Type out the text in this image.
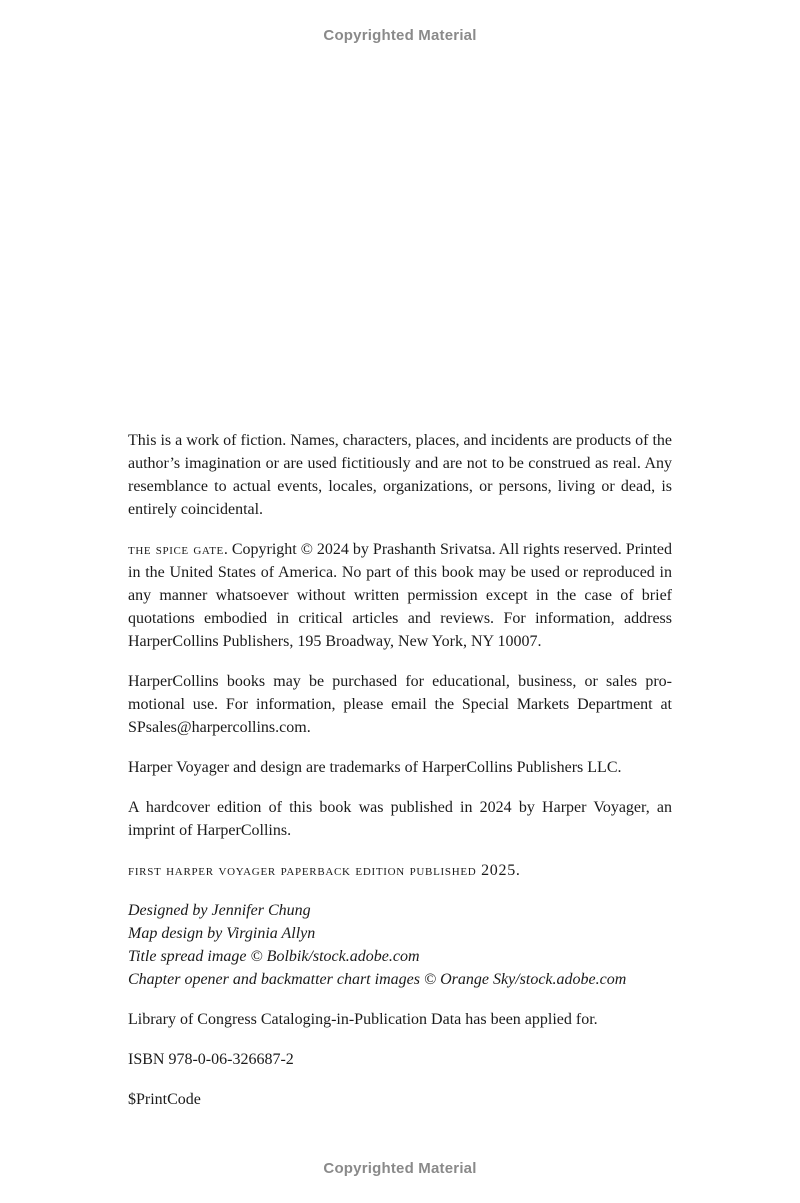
Copyrighted Material

This is a work of fiction. Names, characters, places, and incidents are products of the author’s imagination or are used fictitiously and are not to be construed as real. Any resemblance to actual events, locales, organizations, or persons, living or dead, is entirely coincidental.

the spice gate. Copyright © 2024 by Prashanth Srivatsa. All rights reserved. Printed in the United States of America. No part of this book may be used or reproduced in any manner whatsoever without written permission except in the case of brief quotations embodied in critical articles and reviews. For information, address HarperCollins Publishers, 195 Broadway, New York, NY 10007.

HarperCollins books may be purchased for educational, business, or sales promotional use. For information, please email the Special Markets Department at SPsales@harpercollins.com.

Harper Voyager and design are trademarks of HarperCollins Publishers LLC.

A hardcover edition of this book was published in 2024 by Harper Voyager, an imprint of HarperCollins.

first harper voyager paperback edition published 2025.

Designed by Jennifer Chung
Map design by Virginia Allyn
Title spread image © Bolbik/stock.adobe.com
Chapter opener and backmatter chart images © Orange Sky/stock.adobe.com

Library of Congress Cataloging-in-Publication Data has been applied for.

ISBN 978-0-06-326687-2

$PrintCode

Copyrighted Material
